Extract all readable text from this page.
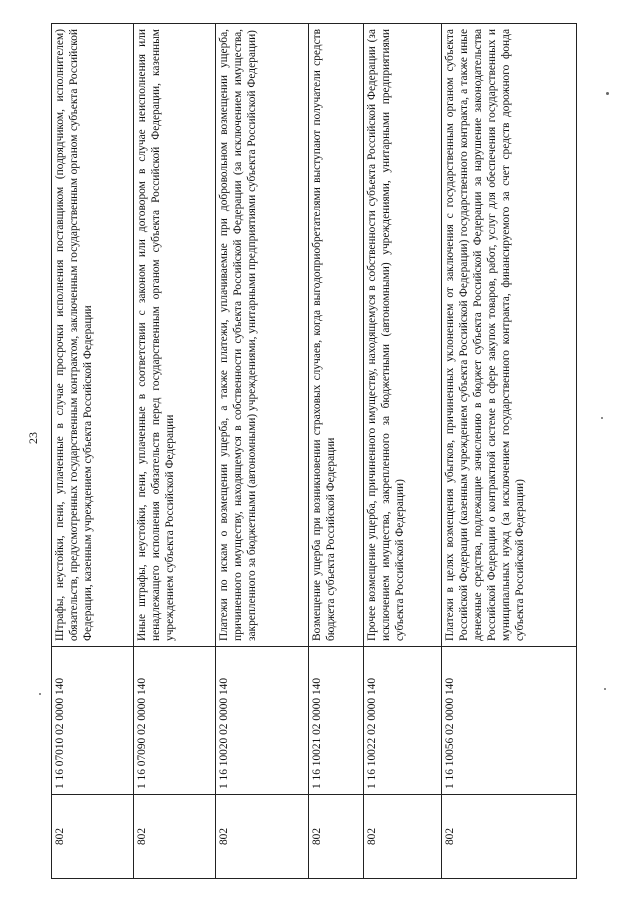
23
802	1 16 07010 02 0000 140	Штрафы, неустойки, пени, уплаченные в случае просрочки исполнения поставщиком (подрядчиком, исполнителем) обязательств, предусмотренных государственным контрактом, заключенным государственным органом субъекта Российской Федерации, казенным учреждением субъекта Российской Федерации
802	1 16 07090 02 0000 140	Иные штрафы, неустойки, пени, уплаченные в соответствии с законом или договором в случае неисполнения или ненадлежащего исполнения обязательств перед государственным органом субъекта Российской Федерации, казенным учреждением субъекта Российской Федерации
802	1 16 10020 02 0000 140	Платежи по искам о возмещении ущерба, а также платежи, уплачиваемые при добровольном возмещении ущерба, причиненного имуществу, находящемуся в собственности субъекта Российской Федерации (за исключением имущества, закрепленного за бюджетными (автономными) учреждениями, унитарными предприятиями субъекта Российской Федерации)
802	1 16 10021 02 0000 140	Возмещение ущерба при возникновении страховых случаев, когда выгодоприобретателями выступают получатели средств бюджета субъекта Российской Федерации
802	1 16 10022 02 0000 140	Прочее возмещение ущерба, причиненного имуществу, находящемуся в собственности субъекта Российской Федерации (за исключением имущества, закрепленного за бюджетными (автономными) учреждениями, унитарными предприятиями субъекта Российской Федерации)
802	1 16 10056 02 0000 140	Платежи в целях возмещения убытков, причиненных уклонением от заключения с государственным органом субъекта Российской Федерации (казенным учреждением субъекта Российской Федерации) государственного контракта, а также иные денежные средства, подлежащие зачислению в бюджет субъекта Российской Федерации за нарушение законодательства Российской Федерации о контрактной системе в сфере закупок товаров, работ, услуг для обеспечения государственных и муниципальных нужд (за исключением государственного контракта, финансируемого за счет средств дорожного фонда субъекта Российской Федерации)
